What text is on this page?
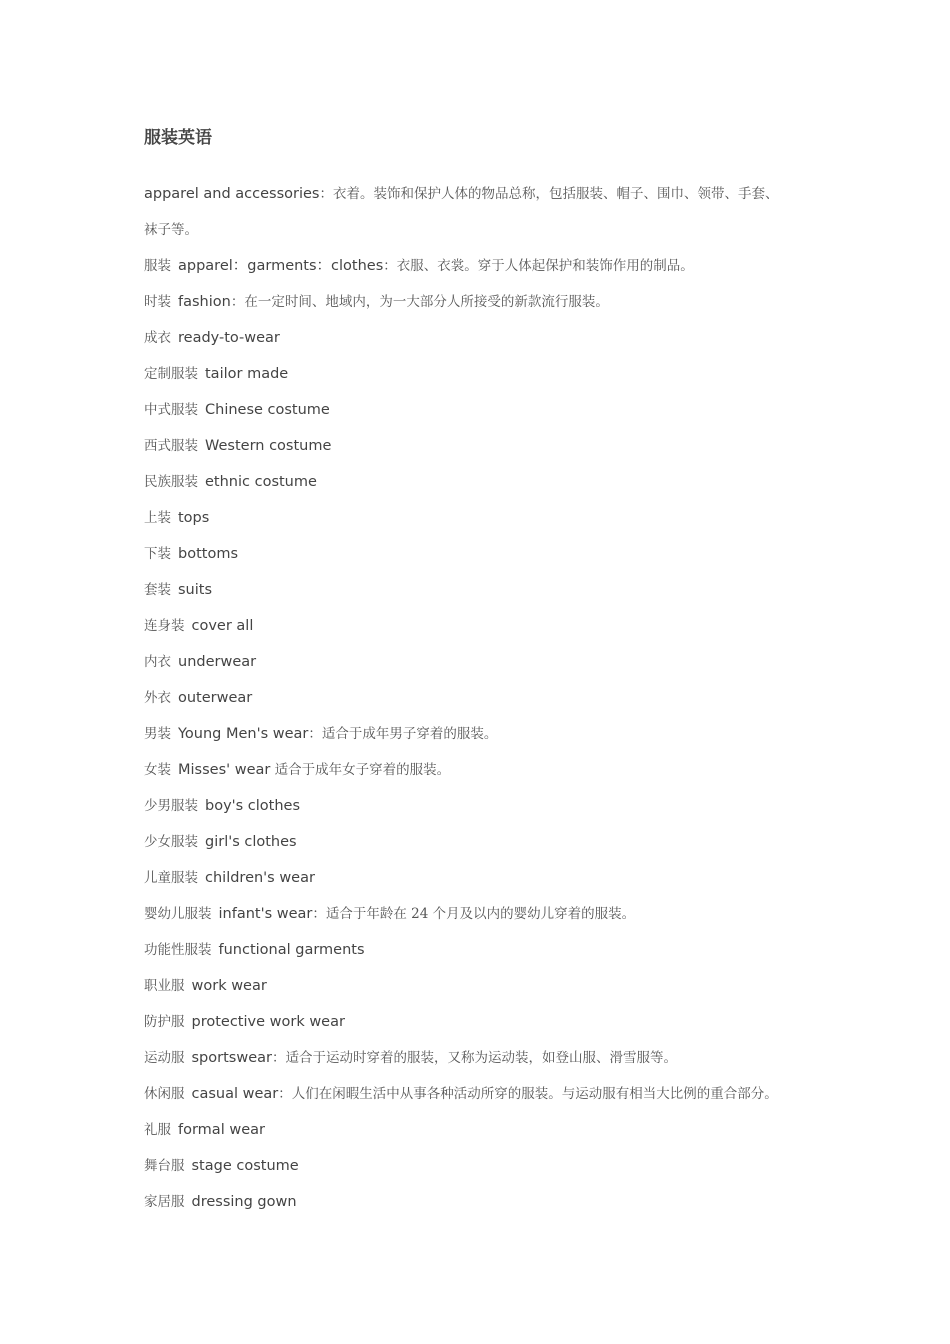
服装英语
apparel and accessories：衣着。装饰和保护人体的物品总称，包括服装、帽子、围巾、领带、手套、
袜子等。
服装 apparel：garments：clothes：衣服、衣裳。穿于人体起保护和装饰作用的制品。
时装 fashion：在一定时间、地域内，为一大部分人所接受的新款流行服装。
成衣 ready-to-wear
定制服装 tailor made
中式服装 Chinese costume
西式服装 Western costume
民族服装 ethnic costume
上装 tops
下装 bottoms
套装 suits
连身装 cover all
内衣 underwear
外衣 outerwear
男装 Young Men's wear：适合于成年男子穿着的服装。
女装 Misses' wear 适合于成年女子穿着的服装。
少男服装 boy's clothes
少女服装 girl's clothes
儿童服装 children's wear
婴幼儿服装 infant's wear：适合于年龄在 24 个月及以内的婴幼儿穿着的服装。
功能性服装 functional garments
职业服 work wear
防护服 protective work wear
运动服 sportswear：适合于运动时穿着的服装，又称为运动装，如登山服、滑雪服等。
休闲服 casual wear：人们在闲暇生活中从事各种活动所穿的服装。与运动服有相当大比例的重合部分。
礼服 formal wear
舞台服 stage costume
家居服 dressing gown
